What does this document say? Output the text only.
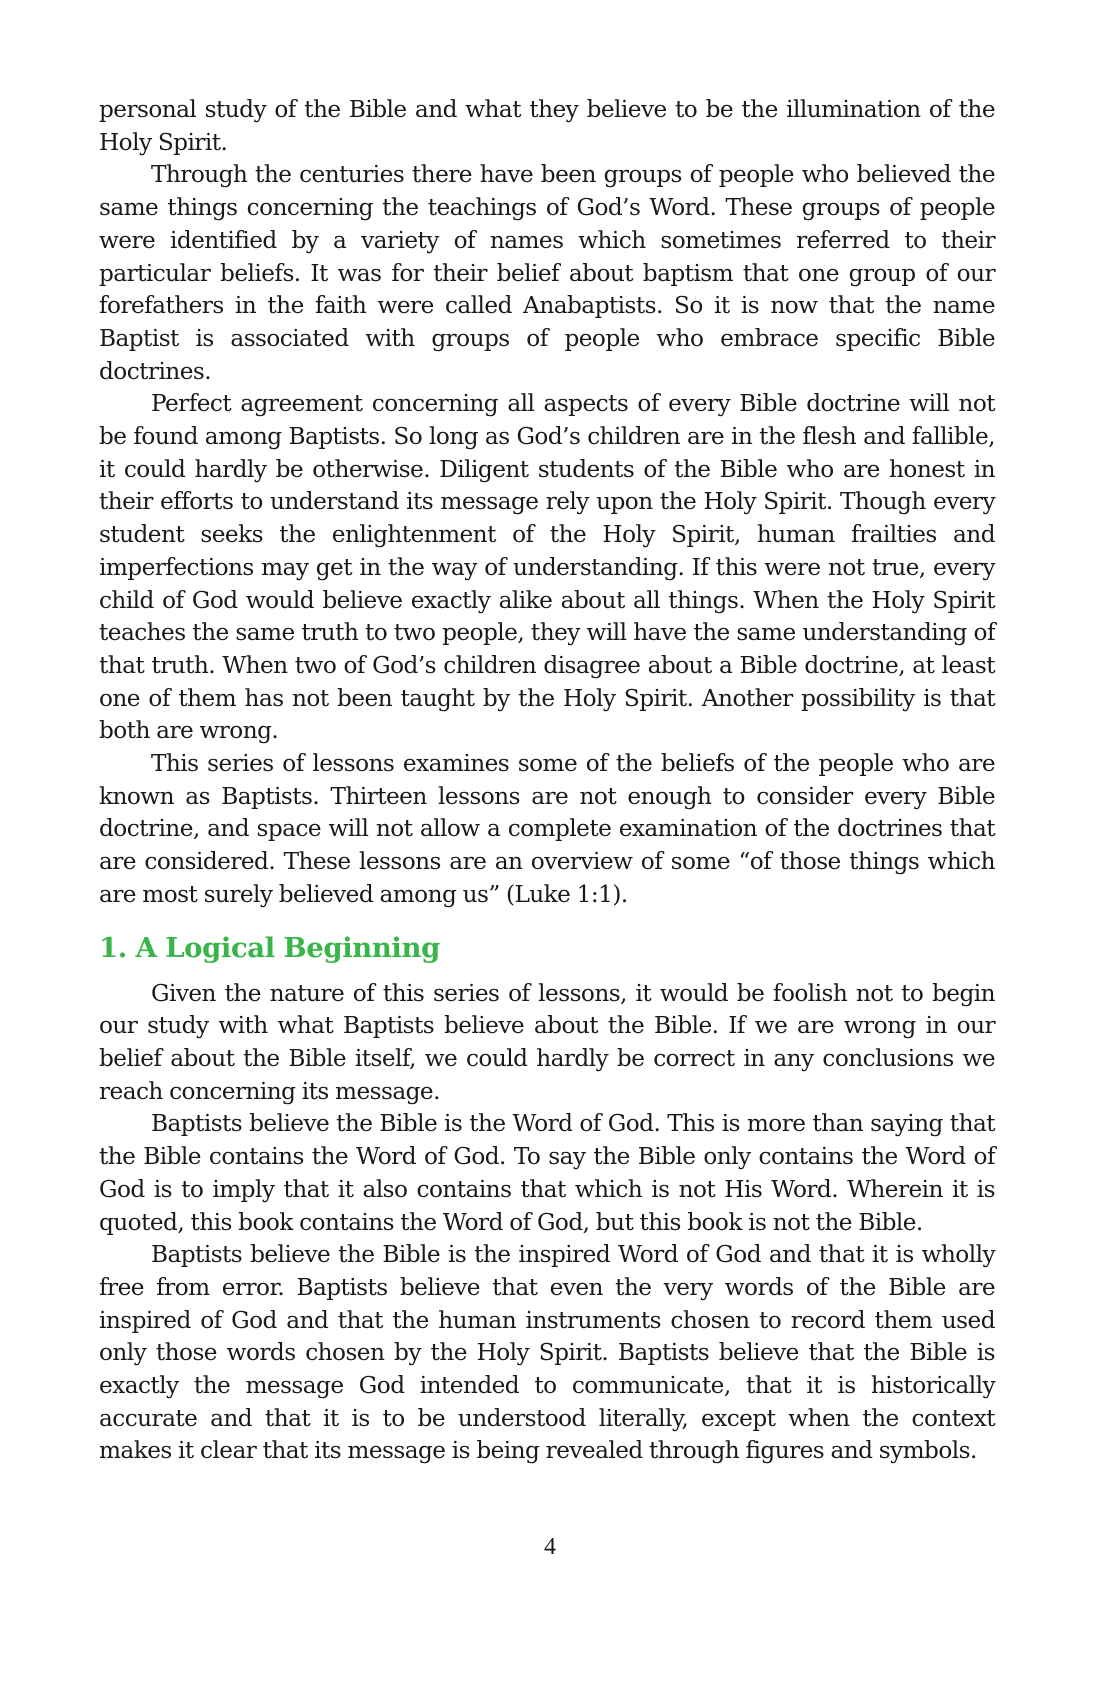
personal study of the Bible and what they believe to be the illumination of the Holy Spirit.

Through the centuries there have been groups of people who believed the same things concerning the teachings of God’s Word. These groups of people were identified by a variety of names which sometimes referred to their particular beliefs. It was for their belief about baptism that one group of our forefathers in the faith were called Anabaptists. So it is now that the name Baptist is associated with groups of people who embrace specific Bible doctrines.

Perfect agreement concerning all aspects of every Bible doctrine will not be found among Baptists. So long as God’s children are in the flesh and fallible, it could hardly be otherwise. Diligent students of the Bible who are honest in their efforts to understand its message rely upon the Holy Spirit. Though every student seeks the enlightenment of the Holy Spirit, human frailties and imperfections may get in the way of understanding. If this were not true, every child of God would believe exactly alike about all things. When the Holy Spirit teaches the same truth to two people, they will have the same understanding of that truth. When two of God’s children disagree about a Bible doctrine, at least one of them has not been taught by the Holy Spirit. Another possibility is that both are wrong.

This series of lessons examines some of the beliefs of the people who are known as Baptists. Thirteen lessons are not enough to consider every Bible doctrine, and space will not allow a complete examination of the doctrines that are considered. These lessons are an overview of some “of those things which are most surely believed among us” (Luke 1:1).

1. A Logical Beginning

Given the nature of this series of lessons, it would be foolish not to begin our study with what Baptists believe about the Bible. If we are wrong in our belief about the Bible itself, we could hardly be correct in any conclusions we reach concerning its message.

Baptists believe the Bible is the Word of God. This is more than saying that the Bible contains the Word of God. To say the Bible only contains the Word of God is to imply that it also contains that which is not His Word. Wherein it is quoted, this book contains the Word of God, but this book is not the Bible.

Baptists believe the Bible is the inspired Word of God and that it is wholly free from error. Baptists believe that even the very words of the Bible are inspired of God and that the human instruments chosen to record them used only those words chosen by the Holy Spirit. Baptists believe that the Bible is exactly the message God intended to communicate, that it is historically accurate and that it is to be understood literally, except when the context makes it clear that its message is being revealed through figures and symbols.

4
